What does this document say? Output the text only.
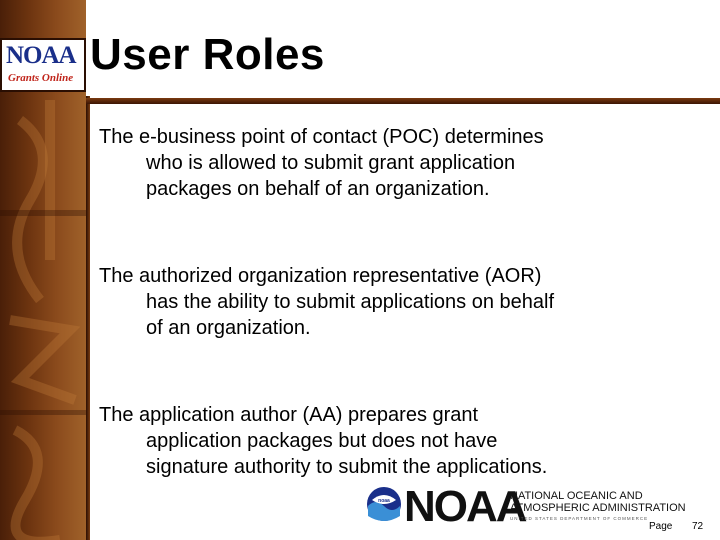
User Roles
NOAA
Grants Online
The e-business point of contact (POC) determines
who is allowed to submit grant application
packages on behalf of an organization.
The authorized organization representative (AOR)
has the ability to submit applications on behalf
of an organization.
The application author (AA) prepares grant
application packages but does not have
signature authority to submit the applications.
noaa NOAA
NATIONAL OCEANIC AND
ATMOSPHERIC ADMINISTRATION
UNITED STATES DEPARTMENT OF COMMERCE
Page 72
